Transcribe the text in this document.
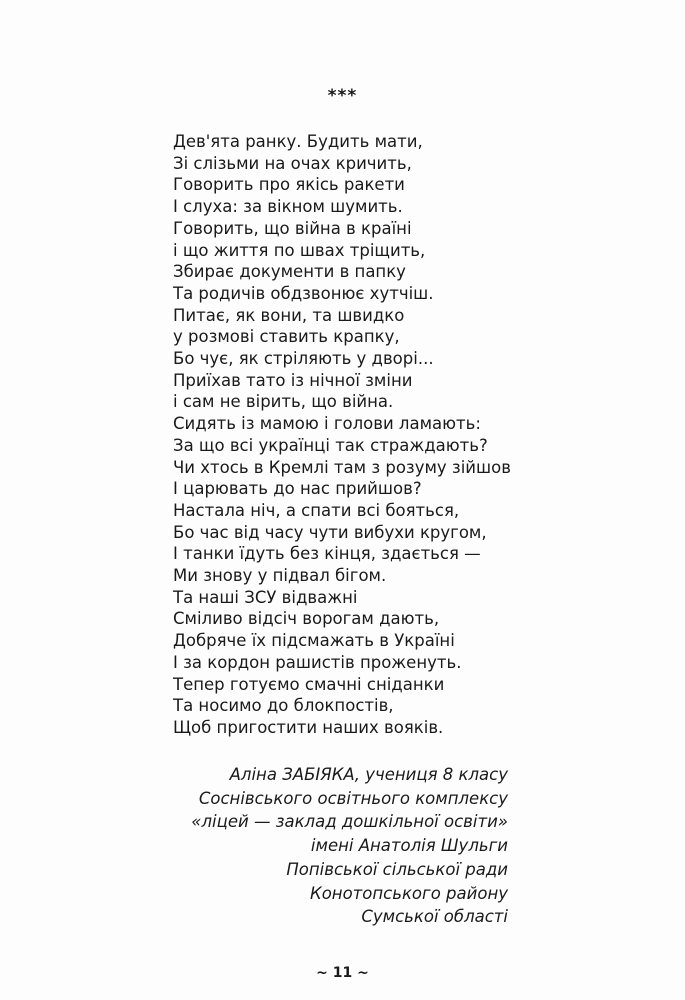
***
Дев'ята ранку. Будить мати,
Зі слізьми на очах кричить,
Говорить про якісь ракети
І слуха: за вікном шумить.
Говорить, що війна в країні
і що життя по швах тріщить,
Збирає документи в папку
Та родичів обдзвонює хутчіш.
Питає, як вони, та швидко
у розмові ставить крапку,
Бо чує, як стріляють у дворі...
Приїхав тато із нічної зміни
і сам не вірить, що війна.
Сидять із мамою і голови ламають:
За що всі українці так страждають?
Чи хтось в Кремлі там з розуму зійшов
І царювать до нас прийшов?
Настала ніч, а спати всі бояться,
Бо час від часу чути вибухи кругом,
І танки їдуть без кінця, здається —
Ми знову у підвал бігом.
Та наші ЗСУ відважні
Сміливо відсіч ворогам дають,
Добряче їх підсмажать в Україні
І за кордон рашистів проженуть.
Тепер готуємо смачні сніданки
Та носимо до блокпостів,
Щоб пригостити наших вояків.
Аліна ЗАБІЯКА, учениця 8 класу
Соснівського освітнього комплексу
«ліцей — заклад дошкільної освіти»
імені Анатолія Шульги
Попівської сільської ради
Конотопського району
Сумської області
~ 11 ~
